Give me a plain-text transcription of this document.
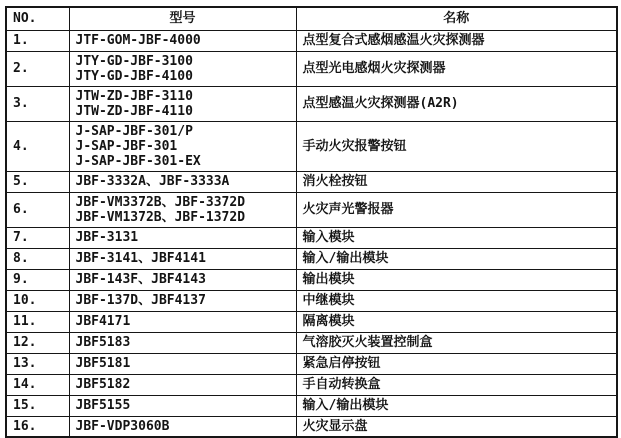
NO.	型号	名称
1.	JTF-GOM-JBF-4000	点型复合式感烟感温火灾探测器
2.	JTY-GD-JBF-3100
JTY-GD-JBF-4100	点型光电感烟火灾探测器
3.	JTW-ZD-JBF-3110
JTW-ZD-JBF-4110	点型感温火灾探测器(A2R)
4.	J-SAP-JBF-301/P
J-SAP-JBF-301
J-SAP-JBF-301-EX	手动火灾报警按钮
5.	JBF-3332A、JBF-3333A	消火栓按钮
6.	JBF-VM3372B、JBF-3372D
JBF-VM1372B、JBF-1372D	火灾声光警报器
7.	JBF-3131	输入模块
8.	JBF-3141、JBF4141	输入/输出模块
9.	JBF-143F、JBF4143	输出模块
10.	JBF-137D、JBF4137	中继模块
11.	JBF4171	隔离模块
12.	JBF5183	气溶胶灭火装置控制盒
13.	JBF5181	紧急启停按钮
14.	JBF5182	手自动转换盒
15.	JBF5155	输入/输出模块
16.	JBF-VDP3060B	火灾显示盘
